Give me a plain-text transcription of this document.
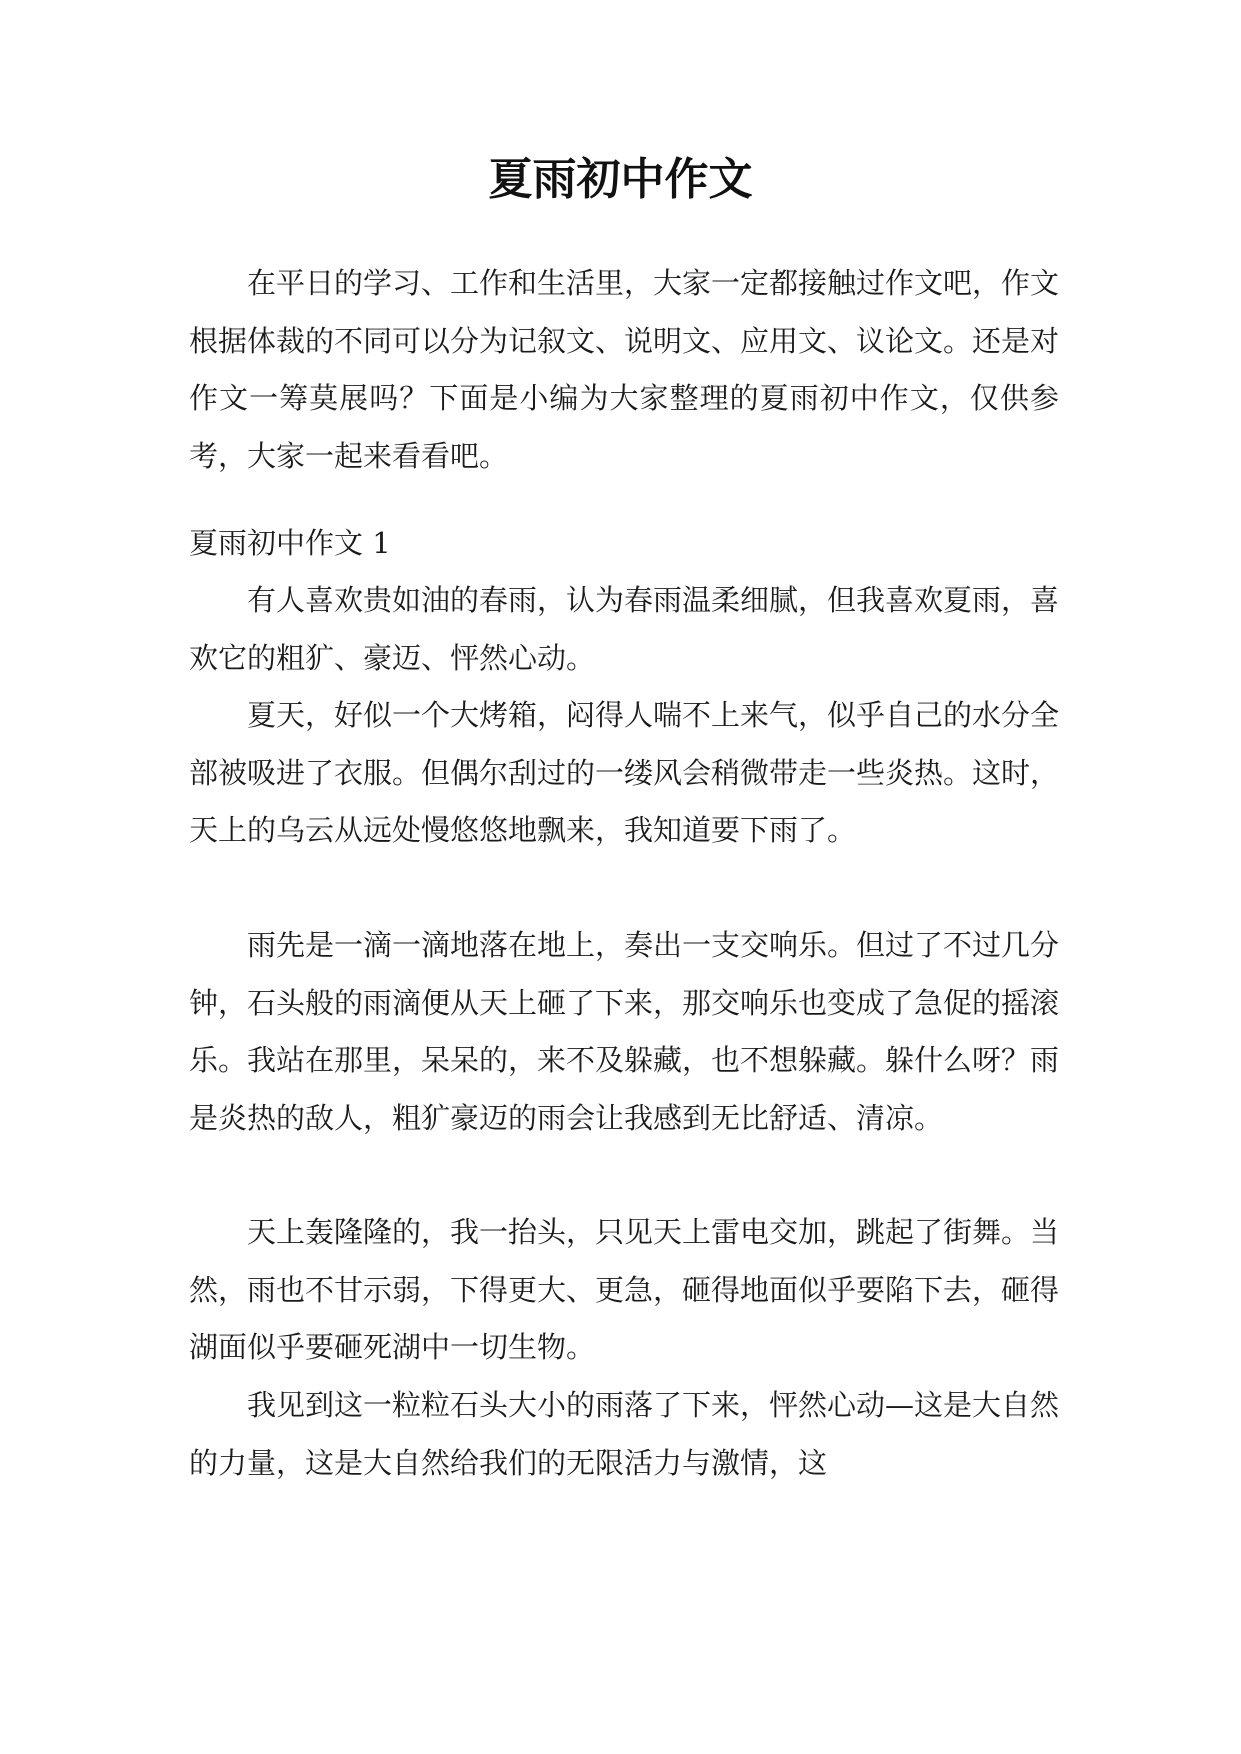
夏雨初中作文

在平日的学习、工作和生活里，大家一定都接触过作文吧，作文根据体裁的不同可以分为记叙文、说明文、应用文、议论文。还是对作文一筹莫展吗？下面是小编为大家整理的夏雨初中作文，仅供参考，大家一起来看看吧。

夏雨初中作文 1

有人喜欢贵如油的春雨，认为春雨温柔细腻，但我喜欢夏雨，喜欢它的粗犷、豪迈、怦然心动。

夏天，好似一个大烤箱，闷得人喘不上来气，似乎自己的水分全部被吸进了衣服。但偶尔刮过的一缕风会稍微带走一些炎热。这时，天上的乌云从远处慢悠悠地飘来，我知道要下雨了。

雨先是一滴一滴地落在地上，奏出一支交响乐。但过了不过几分钟，石头般的雨滴便从天上砸了下来，那交响乐也变成了急促的摇滚乐。我站在那里，呆呆的，来不及躲藏，也不想躲藏。躲什么呀？雨是炎热的敌人，粗犷豪迈的雨会让我感到无比舒适、清凉。

天上轰隆隆的，我一抬头，只见天上雷电交加，跳起了街舞。当然，雨也不甘示弱，下得更大、更急，砸得地面似乎要陷下去，砸得湖面似乎要砸死湖中一切生物。

我见到这一粒粒石头大小的雨落了下来，怦然心动—这是大自然的力量，这是大自然给我们的无限活力与激情，这
